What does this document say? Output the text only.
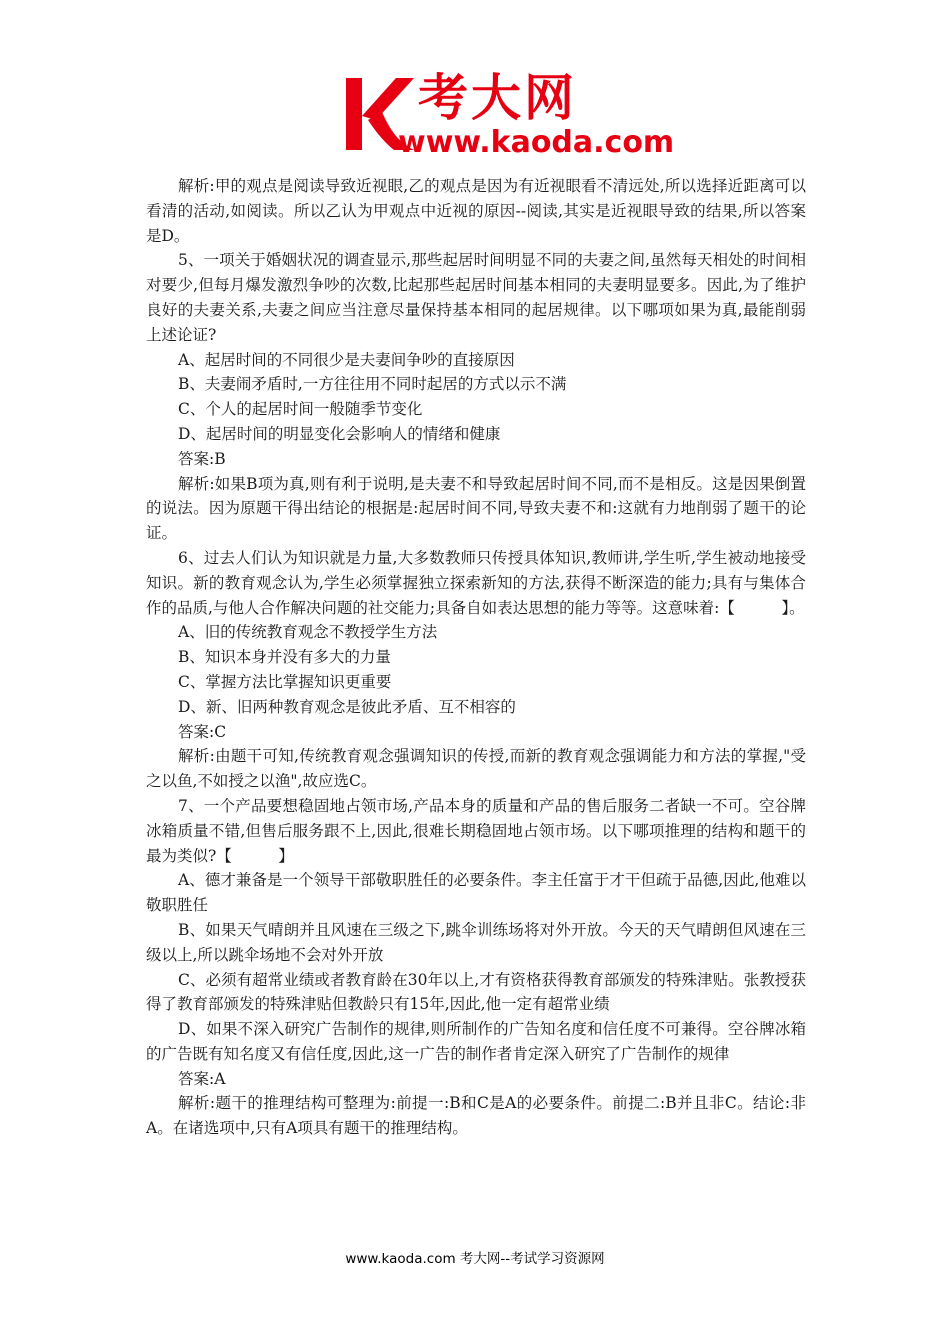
考大网
www.kaoda.com

解析:甲的观点是阅读导致近视眼,乙的观点是因为有近视眼看不清远处,所以选择近距离可以看清的活动,如阅读。所以乙认为甲观点中近视的原因--阅读,其实是近视眼导致的结果,所以答案是D。

5、一项关于婚姻状况的调查显示,那些起居时间明显不同的夫妻之间,虽然每天相处的时间相对要少,但每月爆发激烈争吵的次数,比起那些起居时间基本相同的夫妻明显要多。因此,为了维护良好的夫妻关系,夫妻之间应当注意尽量保持基本相同的起居规律。以下哪项如果为真,最能削弱上述论证?

A、起居时间的不同很少是夫妻间争吵的直接原因

B、夫妻闹矛盾时,一方往往用不同时起居的方式以示不满

C、个人的起居时间一般随季节变化

D、起居时间的明显变化会影响人的情绪和健康

答案:B

解析:如果B项为真,则有利于说明,是夫妻不和导致起居时间不同,而不是相反。这是因果倒置的说法。因为原题干得出结论的根据是:起居时间不同,导致夫妻不和:这就有力地削弱了题干的论证。

6、过去人们认为知识就是力量,大多数教师只传授具体知识,教师讲,学生听,学生被动地接受知识。新的教育观念认为,学生必须掌握独立探索新知的方法,获得不断深造的能力;具有与集体合作的品质,与他人合作解决问题的社交能力;具备自如表达思想的能力等等。这意味着:【　　　】。

A、旧的传统教育观念不教授学生方法

B、知识本身并没有多大的力量

C、掌握方法比掌握知识更重要

D、新、旧两种教育观念是彼此矛盾、互不相容的

答案:C

解析:由题干可知,传统教育观念强调知识的传授,而新的教育观念强调能力和方法的掌握,"受之以鱼,不如授之以渔",故应选C。

7、一个产品要想稳固地占领市场,产品本身的质量和产品的售后服务二者缺一不可。空谷牌冰箱质量不错,但售后服务跟不上,因此,很难长期稳固地占领市场。以下哪项推理的结构和题干的最为类似?【　　　】

A、德才兼备是一个领导干部敬职胜任的必要条件。李主任富于才干但疏于品德,因此,他难以敬职胜任

B、如果天气晴朗并且风速在三级之下,跳伞训练场将对外开放。今天的天气晴朗但风速在三级以上,所以跳伞场地不会对外开放

C、必须有超常业绩或者教育龄在30年以上,才有资格获得教育部颁发的特殊津贴。张教授获得了教育部颁发的特殊津贴但教龄只有15年,因此,他一定有超常业绩

D、如果不深入研究广告制作的规律,则所制作的广告知名度和信任度不可兼得。空谷牌冰箱的广告既有知名度又有信任度,因此,这一广告的制作者肯定深入研究了广告制作的规律

答案:A

解析:题干的推理结构可整理为:前提一:B和C是A的必要条件。前提二:B并且非C。结论:非A。在诸选项中,只有A项具有题干的推理结构。

www.kaoda.com 考大网--考试学习资源网
